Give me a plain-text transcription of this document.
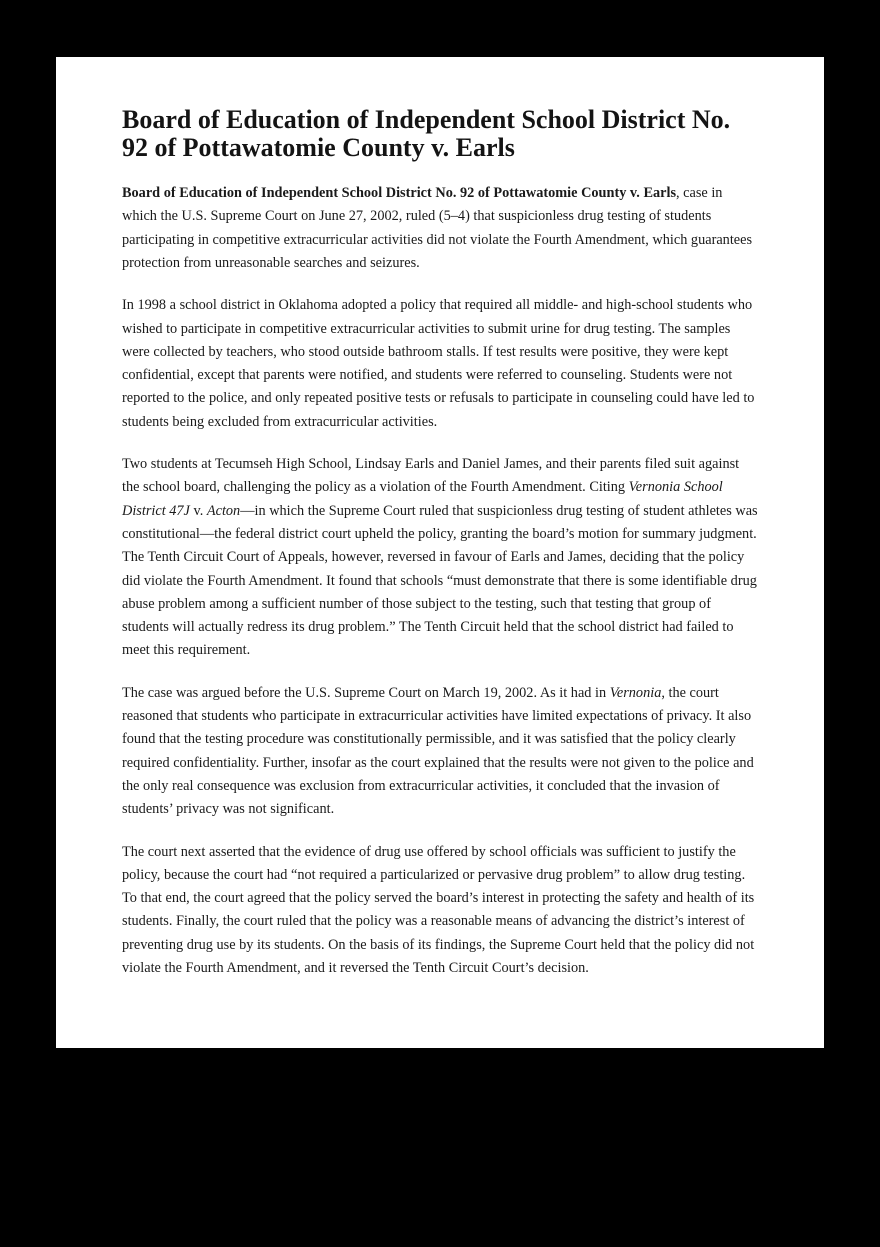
Board of Education of Independent School District No. 92 of Pottawatomie County v. Earls

Board of Education of Independent School District No. 92 of Pottawatomie County v. Earls, case in which the U.S. Supreme Court on June 27, 2002, ruled (5–4) that suspicionless drug testing of students participating in competitive extracurricular activities did not violate the Fourth Amendment, which guarantees protection from unreasonable searches and seizures.

In 1998 a school district in Oklahoma adopted a policy that required all middle- and high-school students who wished to participate in competitive extracurricular activities to submit urine for drug testing. The samples were collected by teachers, who stood outside bathroom stalls. If test results were positive, they were kept confidential, except that parents were notified, and students were referred to counseling. Students were not reported to the police, and only repeated positive tests or refusals to participate in counseling could have led to students being excluded from extracurricular activities.

Two students at Tecumseh High School, Lindsay Earls and Daniel James, and their parents filed suit against the school board, challenging the policy as a violation of the Fourth Amendment. Citing Vernonia School District 47J v. Acton—in which the Supreme Court ruled that suspicionless drug testing of student athletes was constitutional—the federal district court upheld the policy, granting the board’s motion for summary judgment. The Tenth Circuit Court of Appeals, however, reversed in favour of Earls and James, deciding that the policy did violate the Fourth Amendment. It found that schools “must demonstrate that there is some identifiable drug abuse problem among a sufficient number of those subject to the testing, such that testing that group of students will actually redress its drug problem.” The Tenth Circuit held that the school district had failed to meet this requirement.

The case was argued before the U.S. Supreme Court on March 19, 2002. As it had in Vernonia, the court reasoned that students who participate in extracurricular activities have limited expectations of privacy. It also found that the testing procedure was constitutionally permissible, and it was satisfied that the policy clearly required confidentiality. Further, insofar as the court explained that the results were not given to the police and the only real consequence was exclusion from extracurricular activities, it concluded that the invasion of students’ privacy was not significant.

The court next asserted that the evidence of drug use offered by school officials was sufficient to justify the policy, because the court had “not required a particularized or pervasive drug problem” to allow drug testing. To that end, the court agreed that the policy served the board’s interest in protecting the safety and health of its students. Finally, the court ruled that the policy was a reasonable means of advancing the district’s interest of preventing drug use by its students. On the basis of its findings, the Supreme Court held that the policy did not violate the Fourth Amendment, and it reversed the Tenth Circuit Court’s decision.
